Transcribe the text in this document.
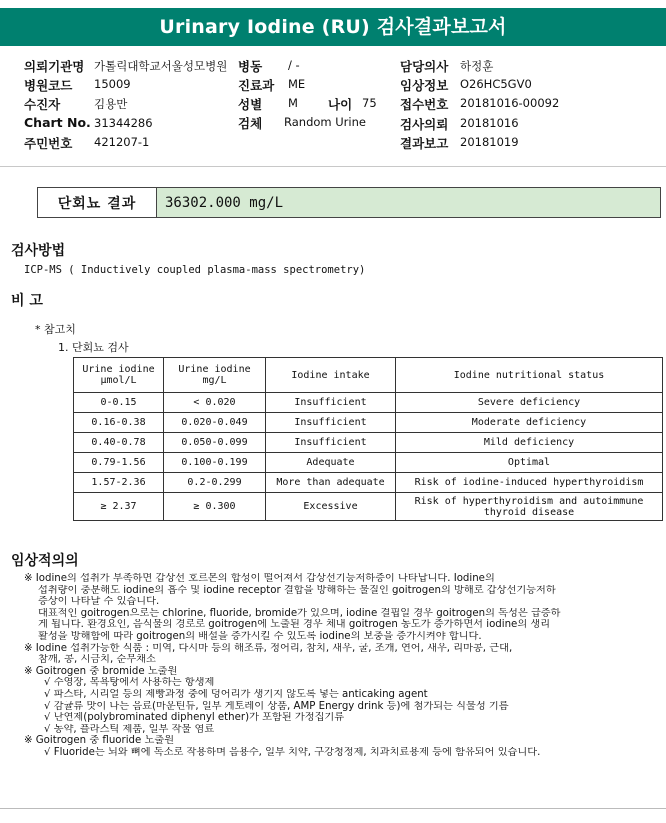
Urinary Iodine (RU) 검사결과보고서
의뢰기관명 가톨릭대학교서울성모병원 병동 / -	담당의사 하정훈
병원코드 15009	진료과 ME	임상정보 O26HC5GV0
수진자	김용만	성별 M 나이 75 접수번호 20181016-00092
Chart No. 31344286	검체 Random Urine	검사의뢰 20181016
주민번호 421207-1	결과보고 20181019
단회뇨 결과	36302.000 mg/L
검사방법
ICP-MS ( Inductively coupled plasma-mass spectrometry)
비 고
* 참고치
1. 단회뇨 검사
Urine iodine μmol/L	Urine iodine mg/L	Iodine intake	Iodine nutritional status
0-0.15	< 0.020	Insufficient	Severe deficiency
0.16-0.38	0.020-0.049	Insufficient	Moderate deficiency
0.40-0.78	0.050-0.099	Insufficient	Mild deficiency
0.79-1.56	0.100-0.199	Adequate	Optimal
1.57-2.36	0.2-0.299	More than adequate	Risk of iodine-induced hyperthyroidism
≥ 2.37	≥ 0.300	Excessive	Risk of hyperthyroidism and autoimmune thyroid disease
임상적의의
※ Iodine의 섭취가 부족하면 갑상선 호르몬의 합성이 떨어져서 갑상선기능저하증이 나타납니다. Iodine의
섭취량이 충분해도 iodine의 흡수 및 iodine receptor 결합을 방해하는 물질인 goitrogen의 방해로 갑상선기능저하
증상이 나타날 수 있습니다.
대표적인 goitrogen으로는 chlorine, fluoride, bromide가 있으며, iodine 결핍일 경우 goitrogen의 독성은 급증하
게 됩니다. 환경요인, 음식물의 경로로 goitrogen에 노출된 경우 체내 goitrogen 농도가 증가하면서 iodine의 생리
활성을 방해함에 따라 goitrogen의 배설을 증가시킬 수 있도록 iodine의 보충을 증가시켜야 합니다.
※ Iodine 섭취가능한 식품 : 미역, 다시마 등의 해조류, 정어리, 참치, 새우, 굴, 조개, 연어, 새우, 리마콩, 근대,
참깨, 콩, 시금치, 순무채소
※ Goitrogen 중 bromide 노출원
√ 수영장, 목욕탕에서 사용하는 항생제
√ 파스타, 시리얼 등의 제빵과정 중에 덩어리가 생기지 않도록 넣는 anticaking agent
√ 감귤류 맛이 나는 음료(마운틴듀, 일부 게토레이 상품, AMP Energy drink 등)에 첨가되는 식물성 기름
√ 난연제(polybrominated diphenyl ether)가 포함된 가정집기류
√ 농약, 플라스틱 제품, 일부 작물 염료
※ Goitrogen 중 fluoride 노출원
√ Fluoride는 뇌와 뼈에 독소로 작용하며 음용수, 일부 치약, 구강청정제, 치과치료용제 등에 함유되어 있습니다.
